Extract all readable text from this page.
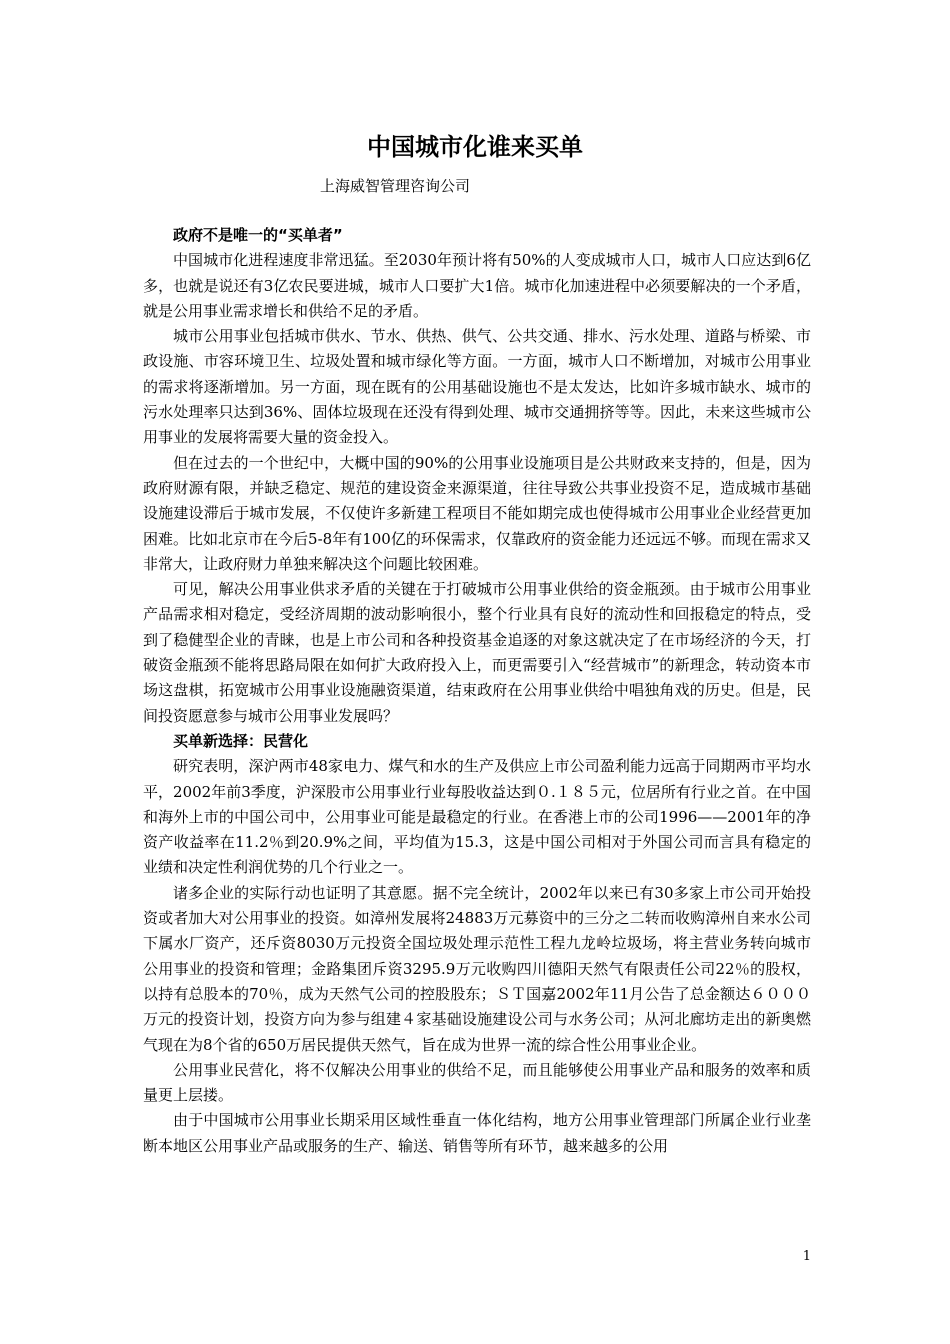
中国城市化谁来买单
上海威智管理咨询公司
政府不是唯一的“买单者”

中国城市化进程速度非常迅猛。至2030年预计将有50%的人变成城市人口，城市人口应达到6亿多，也就是说还有3亿农民要进城，城市人口要扩大1倍。城市化加速进程中必须要解决的一个矛盾，就是公用事业需求增长和供给不足的矛盾。

城市公用事业包括城市供水、节水、供热、供气、公共交通、排水、污水处理、道路与桥梁、市政设施、市容环境卫生、垃圾处置和城市绿化等方面。一方面，城市人口不断增加，对城市公用事业的需求将逐渐增加。另一方面，现在既有的公用基础设施也不是太发达，比如许多城市缺水、城市的污水处理率只达到36%、固体垃圾现在还没有得到处理、城市交通拥挤等等。因此，未来这些城市公用事业的发展将需要大量的资金投入。

但在过去的一个世纪中，大概中国的90%的公用事业设施项目是公共财政来支持的，但是，因为政府财源有限，并缺乏稳定、规范的建设资金来源渠道，往往导致公共事业投资不足，造成城市基础设施建设滞后于城市发展，不仅使许多新建工程项目不能如期完成也使得城市公用事业企业经营更加困难。比如北京市在今后5-8年有100亿的环保需求，仅靠政府的资金能力还远远不够。而现在需求又非常大，让政府财力单独来解决这个问题比较困难。

可见，解决公用事业供求矛盾的关键在于打破城市公用事业供给的资金瓶颈。由于城市公用事业产品需求相对稳定，受经济周期的波动影响很小，整个行业具有良好的流动性和回报稳定的特点，受到了稳健型企业的青睐，也是上市公司和各种投资基金追逐的对象这就决定了在市场经济的今天，打破资金瓶颈不能将思路局限在如何扩大政府投入上，而更需要引入“经营城市”的新理念，转动资本市场这盘棋，拓宽城市公用事业设施融资渠道，结束政府在公用事业供给中唱独角戏的历史。但是，民间投资愿意参与城市公用事业发展吗？

买单新选择：民营化

研究表明，深沪两市48家电力、煤气和水的生产及供应上市公司盈利能力远高于同期两市平均水平，2002年前3季度，沪深股市公用事业行业每股收益达到０.１８５元，位居所有行业之首。在中国和海外上市的中国公司中，公用事业可能是最稳定的行业。在香港上市的公司1996——2001年的净资产收益率在11.2％到20.9%之间，平均值为15.3，这是中国公司相对于外国公司而言具有稳定的业绩和决定性利润优势的几个行业之一。

诸多企业的实际行动也证明了其意愿。据不完全统计，2002年以来已有30多家上市公司开始投资或者加大对公用事业的投资。如漳州发展将24883万元募资中的三分之二转而收购漳州自来水公司下属水厂资产，还斥资8030万元投资全国垃圾处理示范性工程九龙岭垃圾场，将主营业务转向城市公用事业的投资和管理；金路集团斥资3295.9万元收购四川德阳天然气有限责任公司22％的股权，以持有总股本的70％，成为天然气公司的控股股东；ＳＴ国嘉2002年11月公告了总金额达６０００万元的投资计划，投资方向为参与组建４家基础设施建设公司与水务公司；从河北廊坊走出的新奥燃气现在为8个省的650万居民提供天然气，旨在成为世界一流的综合性公用事业企业。

公用事业民营化，将不仅解决公用事业的供给不足，而且能够使公用事业产品和服务的效率和质量更上层搂。

由于中国城市公用事业长期采用区域性垂直一体化结构，地方公用事业管理部门所属企业行业垄断本地区公用事业产品或服务的生产、输送、销售等所有环节，越来越多的公用

1
